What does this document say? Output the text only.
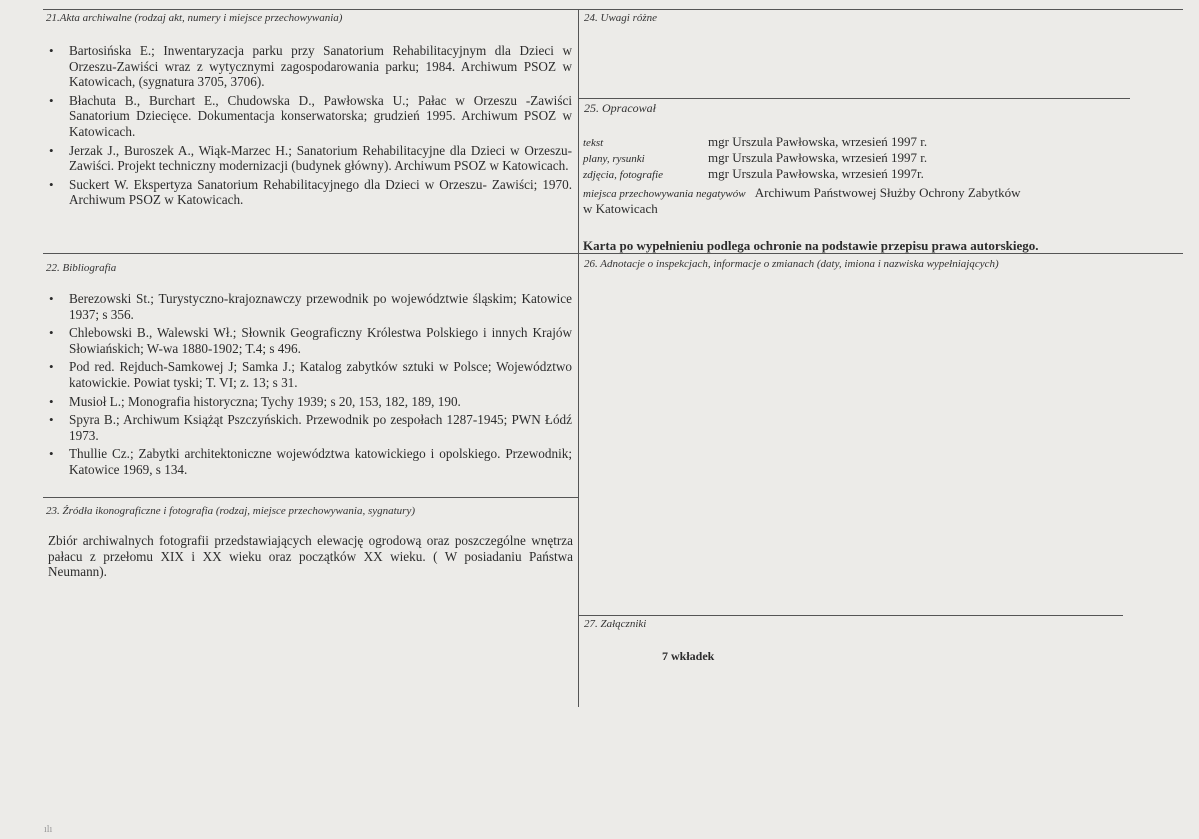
21.Akta archiwalne (rodzaj akt, numery i miejsce przechowywania)
• Bartosińska E.; Inwentaryzacja parku przy Sanatorium Rehabilitacyjnym dla Dzieci w Orzeszu-Zawiści wraz z wytycznymi zagospodarowania parku; 1984. Archiwum PSOZ w Katowicach, (sygnatura 3705, 3706).
• Błachuta B., Burchart E., Chudowska D., Pawłowska U.; Pałac w Orzeszu -Zawiści Sanatorium Dziecięce. Dokumentacja konserwatorska; grudzień 1995. Archiwum PSOZ w Katowicach.
• Jerzak J., Buroszek A., Wiąk-Marzec H.; Sanatorium Rehabilitacyjne dla Dzieci w Orzeszu-Zawiści. Projekt techniczny modernizacji (budynek główny). Archiwum PSOZ w Katowicach.
• Suckert W. Ekspertyza Sanatorium Rehabilitacyjnego dla Dzieci w Orzeszu- Zawiści; 1970. Archiwum PSOZ w Katowicach.
22. Bibliografia
• Berezowski St.; Turystyczno-krajoznawczy przewodnik po województwie śląskim; Katowice 1937; s 356.
• Chlebowski B., Walewski Wł.; Słownik Geograficzny Królestwa Polskiego i innych Krajów Słowiańskich; W-wa 1880-1902; T.4; s 496.
• Pod red. Rejduch-Samkowej J; Samka J.; Katalog zabytków sztuki w Polsce; Województwo katowickie. Powiat tyski; T. VI; z. 13; s 31.
• Musioł L.; Monografia historyczna; Tychy 1939; s 20, 153, 182, 189, 190.
• Spyra B.; Archiwum Książąt Pszczyńskich. Przewodnik po zespołach 1287-1945; PWN Łódź 1973.
• Thullie Cz.; Zabytki architektoniczne województwa katowickiego i opolskiego. Przewodnik; Katowice 1969, s 134.
23. Źródła ikonograficzne i fotografia (rodzaj, miejsce przechowywania, sygnatury)

Zbiór archiwalnych fotografii przedstawiających elewację ogrodową oraz poszczególne wnętrza pałacu z przełomu XIX i XX wieku oraz początków XX wieku. ( W posiadaniu Państwa Neumann).

24. Uwagi różne
25. Opracował
tekst	mgr Urszula Pawłowska, wrzesień 1997 r.
plany, rysunki	mgr Urszula Pawłowska, wrzesień 1997 r.
zdjęcia, fotografie	mgr Urszula Pawłowska, wrzesień 1997r.
miejsca przechowywania negatywów Archiwum Państwowej Służby Ochrony Zabytków
w Katowicach
Karta po wypełnieniu podlega ochronie na podstawie przepisu prawa autorskiego.
26. Adnotacje o inspekcjach, informacje o zmianach (daty, imiona i nazwiska wypełniających)
27. Załączniki
7 wkładek
ılı
